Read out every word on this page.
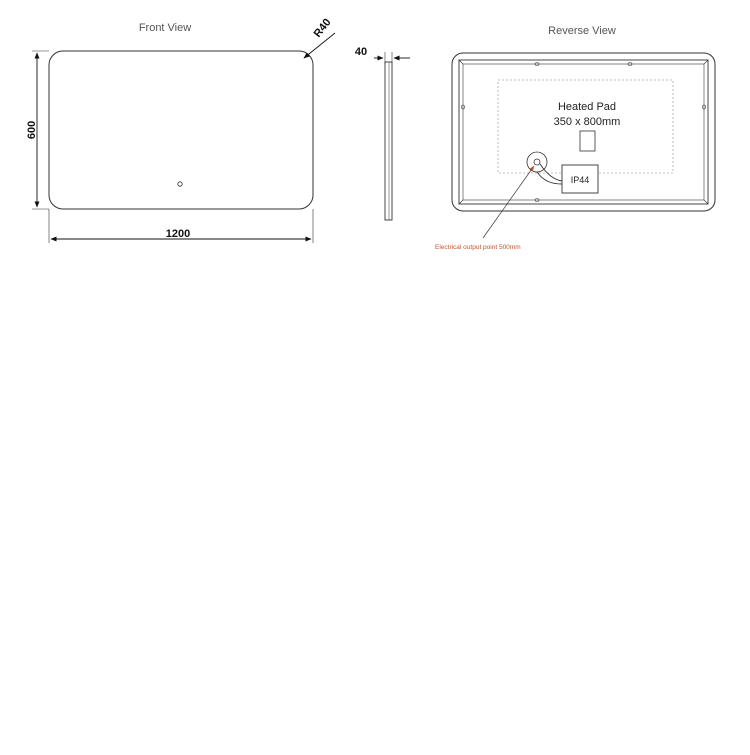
Front View
600
1200
R40
40
Reverse View
Heated Pad
350 x 800mm
IP44
Electrical output point 500mm
